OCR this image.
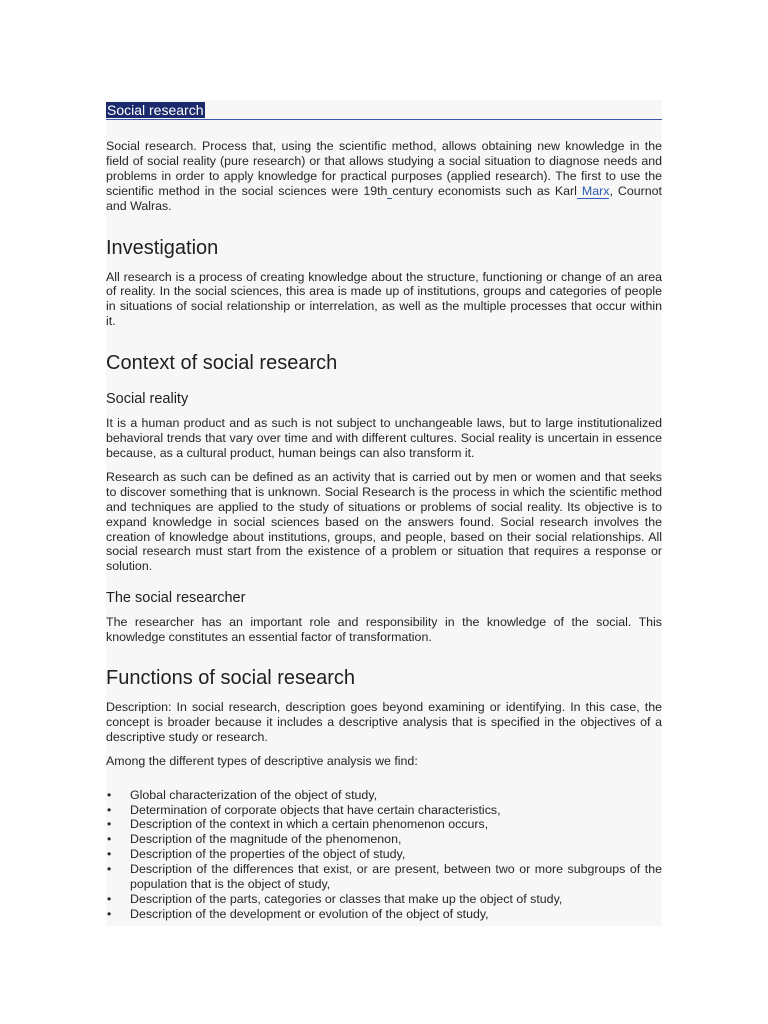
Social research

Social research. Process that, using the scientific method, allows obtaining new knowledge in the field of social reality (pure research) or that allows studying a social situation to diagnose needs and problems in order to apply knowledge for practical purposes (applied research). The first to use the scientific method in the social sciences were 19th century economists such as Karl Marx, Cournot and Walras.

Investigation

All research is a process of creating knowledge about the structure, functioning or change of an area of reality. In the social sciences, this area is made up of institutions, groups and categories of people in situations of social relationship or interrelation, as well as the multiple processes that occur within it.

Context of social research
Social reality

It is a human product and as such is not subject to unchangeable laws, but to large institutionalized behavioral trends that vary over time and with different cultures. Social reality is uncertain in essence because, as a cultural product, human beings can also transform it.

Research as such can be defined as an activity that is carried out by men or women and that seeks to discover something that is unknown. Social Research is the process in which the scientific method and techniques are applied to the study of situations or problems of social reality. Its objective is to expand knowledge in social sciences based on the answers found. Social research involves the creation of knowledge about institutions, groups, and people, based on their social relationships. All social research must start from the existence of a problem or situation that requires a response or solution.

The social researcher

The researcher has an important role and responsibility in the knowledge of the social. This knowledge constitutes an essential factor of transformation.

Functions of social research

Description: In social research, description goes beyond examining or identifying. In this case, the concept is broader because it includes a descriptive analysis that is specified in the objectives of a descriptive study or research.

Among the different types of descriptive analysis we find:

• Global characterization of the object of study,
• Determination of corporate objects that have certain characteristics,
• Description of the context in which a certain phenomenon occurs,
• Description of the magnitude of the phenomenon,
• Description of the properties of the object of study,
• Description of the differences that exist, or are present, between two or more subgroups of the population that is the object of study,
• Description of the parts, categories or classes that make up the object of study,
• Description of the development or evolution of the object of study,
